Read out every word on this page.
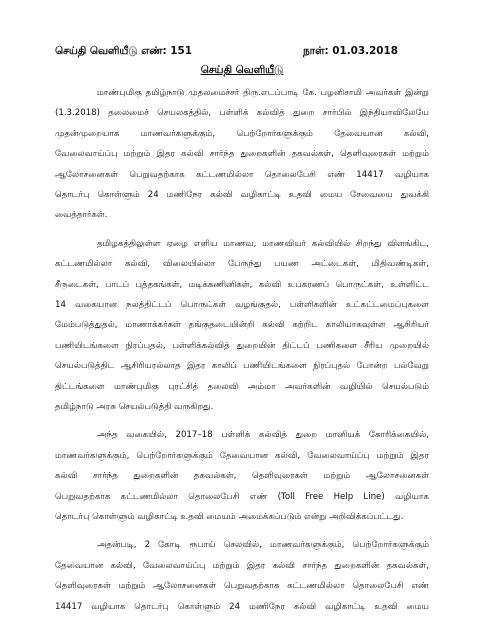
செய்தி வெளியீடு எண்: 151	நாள்: 01.03.2018
செய்தி வெளியீடு
மாண்புமிகு தமிழ்நாடு முதலமைச்சர் திரு.எடப்பாடி கே. பழனிசாமி அவர்கள் இன்று
(1.3.2018) தலைமைச் செயலகத்தில், பள்ளிக் கல்வித் துறை சார்பில் இந்தியாவிலேயே
முதன்முறையாக மாணவர்களுக்கும், பெற்றோர்களுக்கும் தேவையான கல்வி,
வேலைவாய்ப்பு மற்றும் இதர கல்வி சார்ந்த துறைகளின் தகவல்கள், தெளிவுரைகள் மற்றும்
ஆலோசனைகள் பெறுவதற்காக கட்டணமில்லா தொலைபேசி எண் 14417 வழியாக
தொடர்பு கொள்ளும் 24 மணிநேர கல்வி வழிகாட்டி உதவி மைய சேவையை துவக்கி
வைத்தார்கள்.
தமிழகத்திலுள்ள ஏழை எளிய மாணவ, மாணவியர் கல்வியில் சிறந்து விளங்கிட,
கட்டணமில்லா கல்வி, விலையில்லா பேருந்து பயண அட்டைகள், மிதிவண்டிகள்,
சீருடைகள், பாடப் புத்தகங்கள், மடிக்கணினிகள், கல்வி உபகரணப் பொருட்கள், உள்ளிட்ட
14 வகையான நலத்திட்டப் பொருட்கள் வழங்குதல், பள்ளிகளின் உட்கட்டமைப்புகளை
மேம்படுத்துதல், மாணாக்கர்கள் தங்குதடையின்றி கல்வி கற்றிட காலியாகவுள்ள ஆசிரியர்
பணியிடங்களை நிரப்புதல், பள்ளிக்கல்வித் துறையின் திட்டப் பணிகளை சீரிய முறையில்
செயல்படுத்திட ஆசிரியரல்லாத இதர காலிப் பணியிடங்களை நிரப்புதல் போன்ற பல்வேறு
திட்டங்களை மாண்புமிகு புரட்சித் தலைவி அம்மா அவர்களின் வழியில் செயல்படும்
தமிழ்நாடு அரசு செயல்படுத்தி வருகிறது.
அந்த வகையில், 2017–18 பள்ளிக் கல்வித் துறை மானியக் கோரிக்கையில்,
மாணவர்களுக்கும், பெற்றோர்களுக்கும் தேவையான கல்வி, வேலைவாய்ப்பு மற்றும் இதர
கல்வி சார்ந்த துறைகளின் தகவல்கள், தெளிவுரைகள் மற்றும் ஆலோசனைகள்
பெறுவதற்காக கட்டணமில்லா தொலைபேசி எண் (Toll Free Help Line) வழியாக
தொடர்பு கொள்ளும் வழிகாட்டி உதவி மையம் அமைக்கப்படும் என்று அறிவிக்கப்பட்டது.
அதன்படி, 2 கோடி ரூபாய் செலவில், மாணவர்களுக்கும், பெற்றோர்களுக்கும்
தேவையான கல்வி, வேலைவாய்ப்பு மற்றும் இதர கல்வி சார்ந்த துறைகளின் தகவல்கள்,
தெளிவுரைகள் மற்றும் ஆலோசனைகள் பெறுவதற்காக கட்டணமில்லா தொலைபேசி எண்
14417 வழியாக தொடர்பு கொள்ளும் 24 மணிநேர கல்வி வழிகாட்டி உதவி மைய
